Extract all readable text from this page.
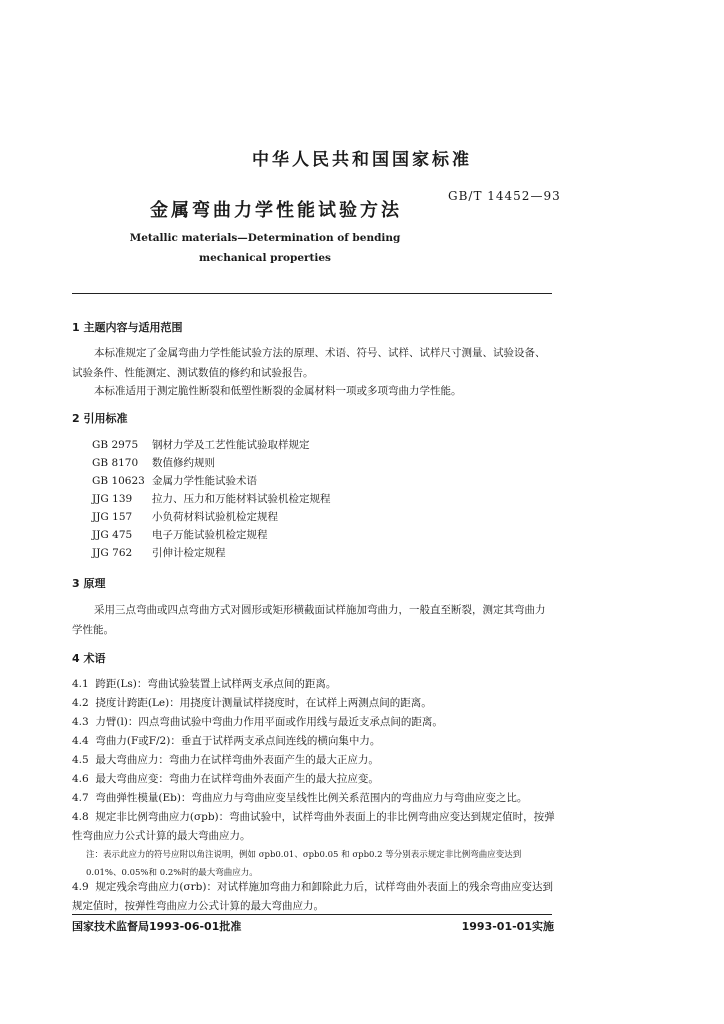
中华人民共和国国家标准
GB/T 14452—93
金属弯曲力学性能试验方法
Metallic materials—Determination of bending
mechanical properties
1 主题内容与适用范围
本标准规定了金属弯曲力学性能试验方法的原理、术语、符号、试样、试样尺寸测量、试验设备、试验条件、性能测定、测试数值的修约和试验报告。
本标准适用于测定脆性断裂和低塑性断裂的金属材料一项或多项弯曲力学性能。
2 引用标准
GB 2975 钢材力学及工艺性能试验取样规定
GB 8170 数值修约规则
GB 10623 金属力学性能试验术语
JJG 139 拉力、压力和万能材料试验机检定规程
JJG 157 小负荷材料试验机检定规程
JJG 475 电子万能试验机检定规程
JJG 762 引伸计检定规程
3 原理
采用三点弯曲或四点弯曲方式对圆形或矩形横截面试样施加弯曲力，一般直至断裂，测定其弯曲力学性能。
4 术语
4.1 跨距(Ls)：弯曲试验装置上试样两支承点间的距离。
4.2 挠度计跨距(Le)：用挠度计测量试样挠度时，在试样上两测点间的距离。
4.3 力臂(l)：四点弯曲试验中弯曲力作用平面或作用线与最近支承点间的距离。
4.4 弯曲力(F或F/2)：垂直于试样两支承点间连线的横向集中力。
4.5 最大弯曲应力：弯曲力在试样弯曲外表面产生的最大正应力。
4.6 最大弯曲应变：弯曲力在试样弯曲外表面产生的最大拉应变。
4.7 弯曲弹性模量(Eb)：弯曲应力与弯曲应变呈线性比例关系范围内的弯曲应力与弯曲应变之比。
4.8 规定非比例弯曲应力(σpb)：弯曲试验中，试样弯曲外表面上的非比例弯曲应变达到规定值时，按弹性弯曲应力公式计算的最大弯曲应力。
注：表示此应力的符号应附以角注说明，例如 σpb0.01、σpb0.05 和 σpb0.2 等分别表示规定非比例弯曲应变达到 0.01%、0.05%和 0.2%时的最大弯曲应力。
4.9 规定残余弯曲应力(σrb)：对试样施加弯曲力和卸除此力后，试样弯曲外表面上的残余弯曲应变达到规定值时，按弹性弯曲应力公式计算的最大弯曲应力。
国家技术监督局1993-06-01批准	1993-01-01实施
